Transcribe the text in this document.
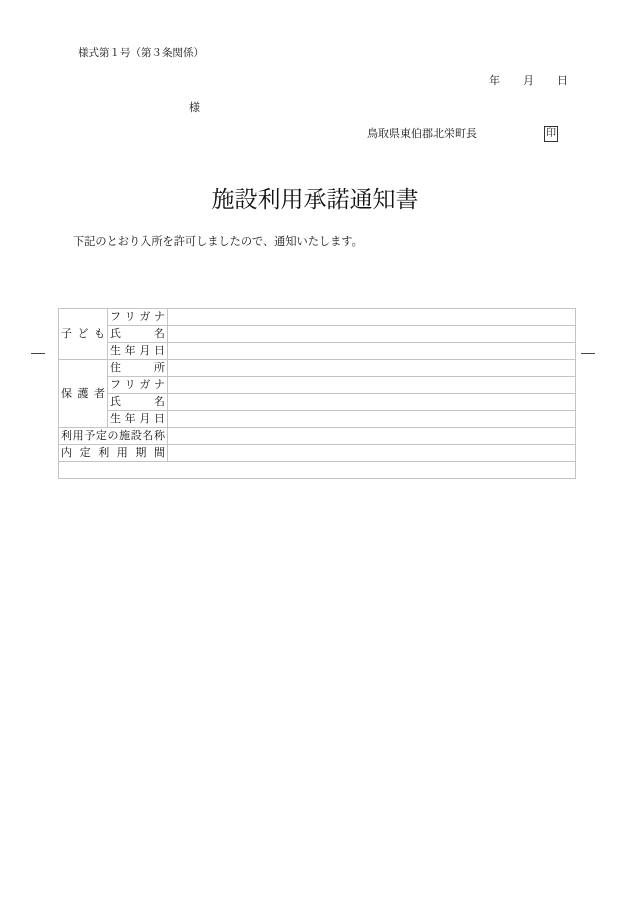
様式第１号（第３条関係）
年 月 日
様
鳥取県東伯郡北栄町長	印
施設利用承諾通知書
下記のとおり入所を許可しましたので、通知いたします。
子 ど も	フ リ ガ ナ	

	氏　　名	

	生 年 月 日	

保 護 者	住　　所	

	フ リ ガ ナ	

	氏　　名	

	生 年 月 日	

利用予定の施設名称		

内 定 利 用 期 間		
